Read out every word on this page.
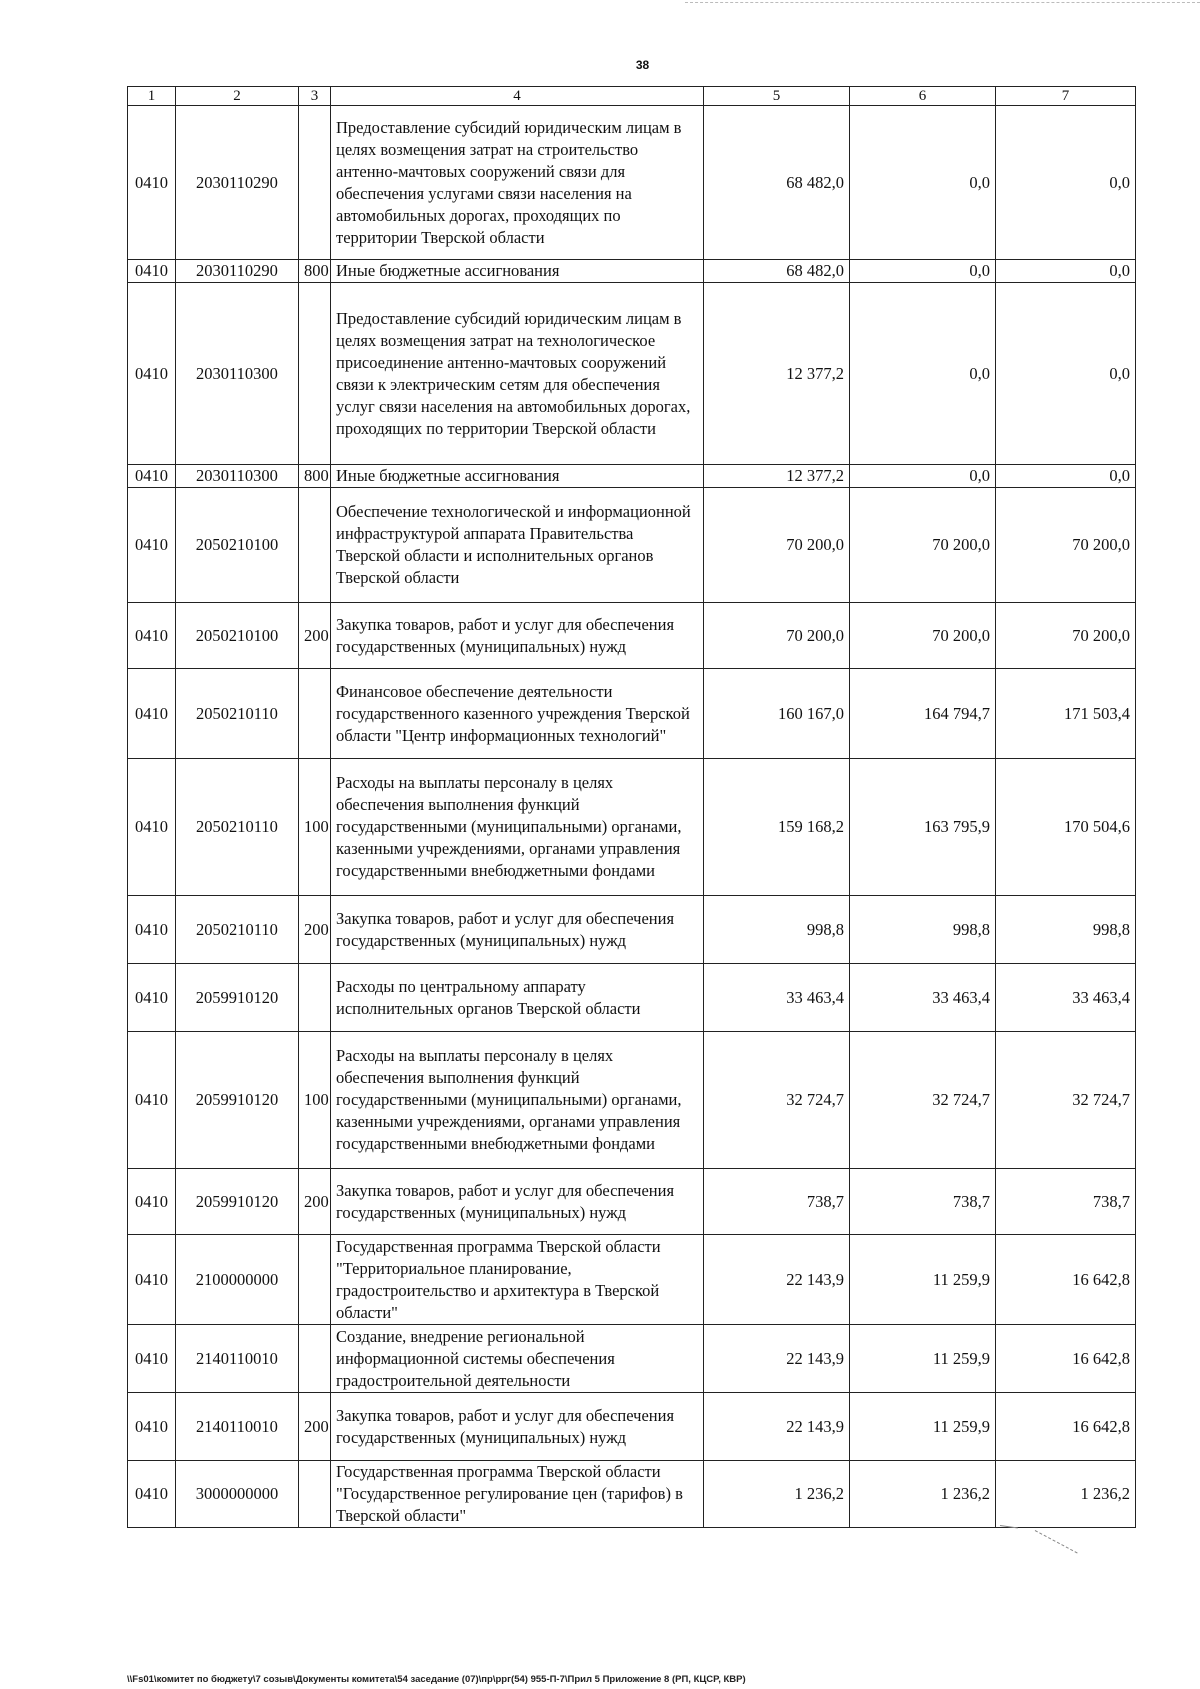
38
1	2	3	4	5	6	7
0410	2030110290		Предоставление субсидий юридическим лицам в целях возмещения затрат на строительство антенно-мачтовых сооружений связи для обеспечения услугами связи населения на автомобильных дорогах, проходящих по территории Тверской области	68 482,0	0,0	0,0
0410	2030110290	800	Иные бюджетные ассигнования	68 482,0	0,0	0,0
0410	2030110300		Предоставление субсидий юридическим лицам в целях возмещения затрат на технологическое присоединение антенно-мачтовых сооружений связи к электрическим сетям для обеспечения услуг связи населения на автомобильных дорогах, проходящих по территории Тверской области	12 377,2	0,0	0,0
0410	2030110300	800	Иные бюджетные ассигнования	12 377,2	0,0	0,0
0410	2050210100		Обеспечение технологической и информационной инфраструктурой аппарата Правительства Тверской области и исполнительных органов Тверской области	70 200,0	70 200,0	70 200,0
0410	2050210100	200	Закупка товаров, работ и услуг для обеспечения государственных (муниципальных) нужд	70 200,0	70 200,0	70 200,0
0410	2050210110		Финансовое обеспечение деятельности государственного казенного учреждения Тверской области "Центр информационных технологий"	160 167,0	164 794,7	171 503,4
0410	2050210110	100	Расходы на выплаты персоналу в целях обеспечения выполнения функций государственными (муниципальными) органами, казенными учреждениями, органами управления государственными внебюджетными фондами	159 168,2	163 795,9	170 504,6
0410	2050210110	200	Закупка товаров, работ и услуг для обеспечения государственных (муниципальных) нужд	998,8	998,8	998,8
0410	2059910120		Расходы по центральному аппарату исполнительных органов Тверской области	33 463,4	33 463,4	33 463,4
0410	2059910120	100	Расходы на выплаты персоналу в целях обеспечения выполнения функций государственными (муниципальными) органами, казенными учреждениями, органами управления государственными внебюджетными фондами	32 724,7	32 724,7	32 724,7
0410	2059910120	200	Закупка товаров, работ и услуг для обеспечения государственных (муниципальных) нужд	738,7	738,7	738,7
0410	2100000000		Государственная программа Тверской области "Территориальное планирование, градостроительство и архитектура в Тверской области"	22 143,9	11 259,9	16 642,8
0410	2140110010		Создание, внедрение региональной информационной системы обеспечения градостроительной деятельности	22 143,9	11 259,9	16 642,8
0410	2140110010	200	Закупка товаров, работ и услуг для обеспечения государственных (муниципальных) нужд	22 143,9	11 259,9	16 642,8
0410	3000000000		Государственная программа Тверской области "Государственное регулирование цен (тарифов) в Тверской области"	1 236,2	1 236,2	1 236,2
\\Fs01\комитет по бюджету\7 созыв\Документы комитета\54 заседание (07)\пр\ррг(54) 955-П-7\Прил 5 Приложение 8 (РП, КЦСР, КВР)
